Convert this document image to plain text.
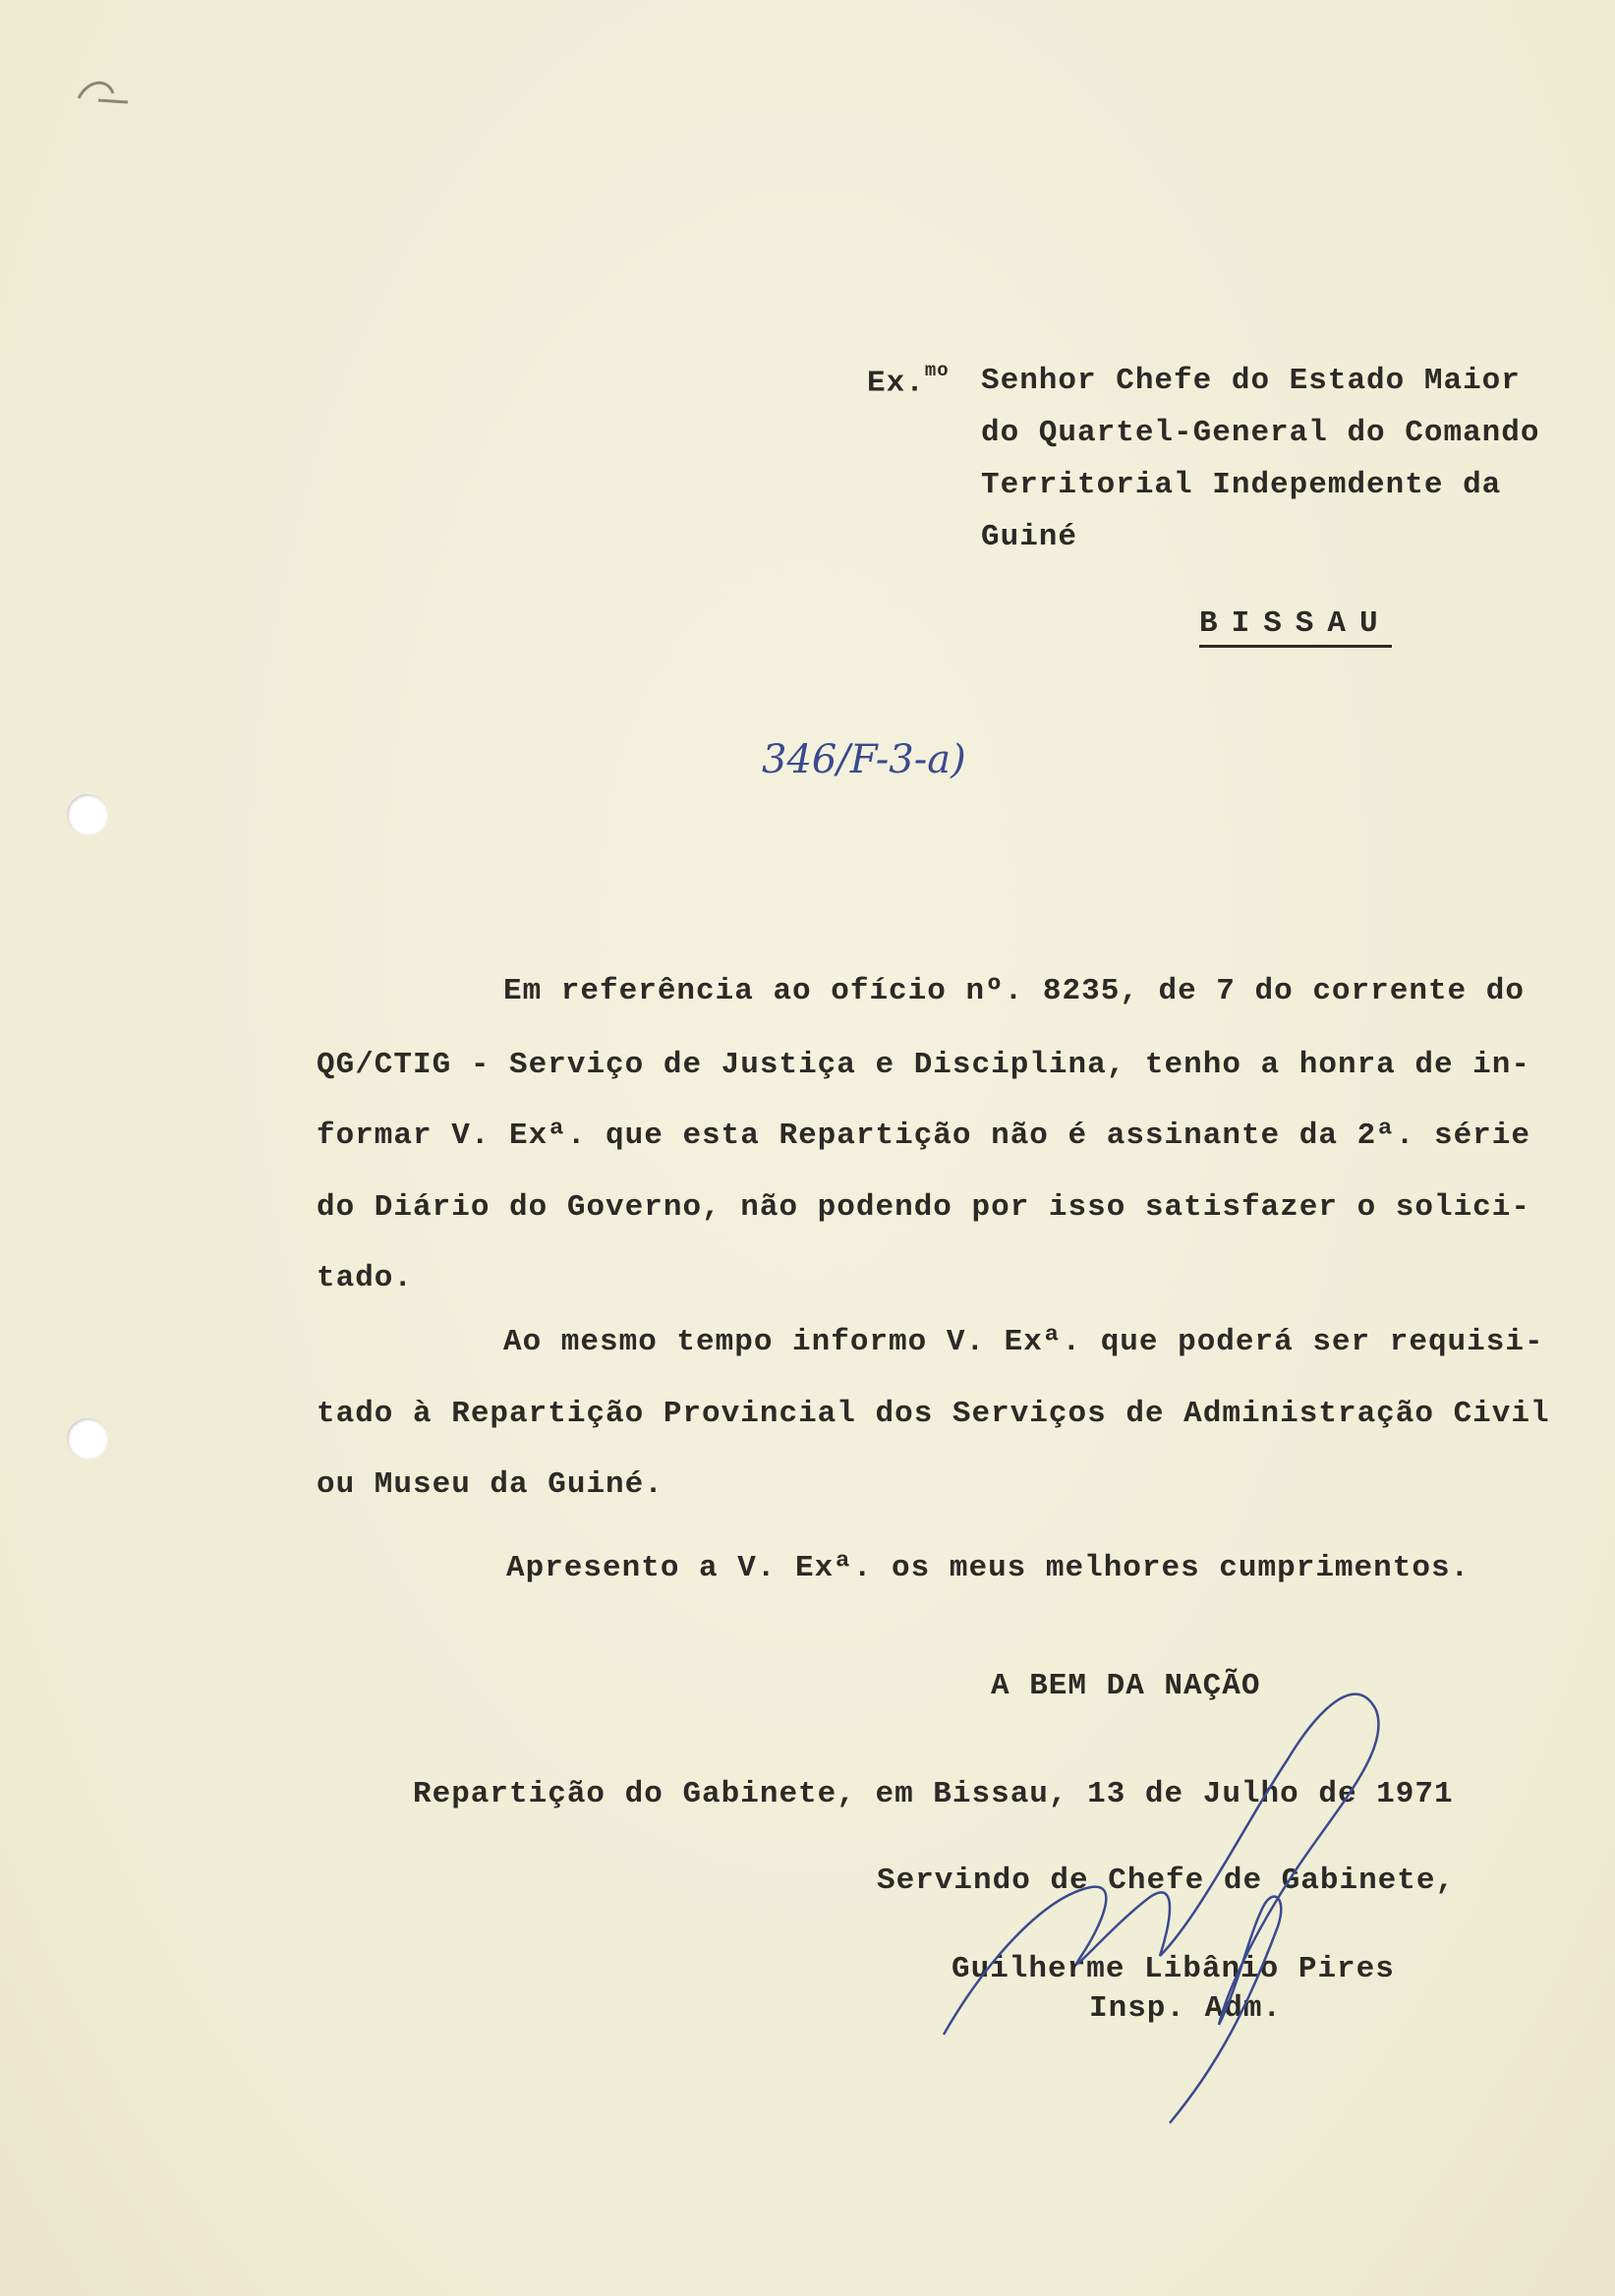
Ex.$^{mo}$ Senhor Chefe do Estado Maior
do Quartel-General do Comando
Territorial Indepemdente da
Guiné
BISSAU
346/F-3-a)
Em referência ao ofício nº. 8235, de 7 do corrente do
QG/CTIG - Serviço de Justiça e Disciplina, tenho a honra de in-
formar V. Exª. que esta Repartição não é assinante da 2ª. série
do Diário do Governo, não podendo por isso satisfazer o solici-
tado.
Ao mesmo tempo informo V. Exª. que poderá ser requisi-
tado à Repartição Provincial dos Serviços de Administração Civil
ou Museu da Guiné.
Apresento a V. Exª. os meus melhores cumprimentos.
A BEM DA NAÇÃO
Repartição do Gabinete, em Bissau, 13 de Julho de 1971
Servindo de Chefe de Gabinete,
Guilherme Libânio Pires
Insp. Adm.
